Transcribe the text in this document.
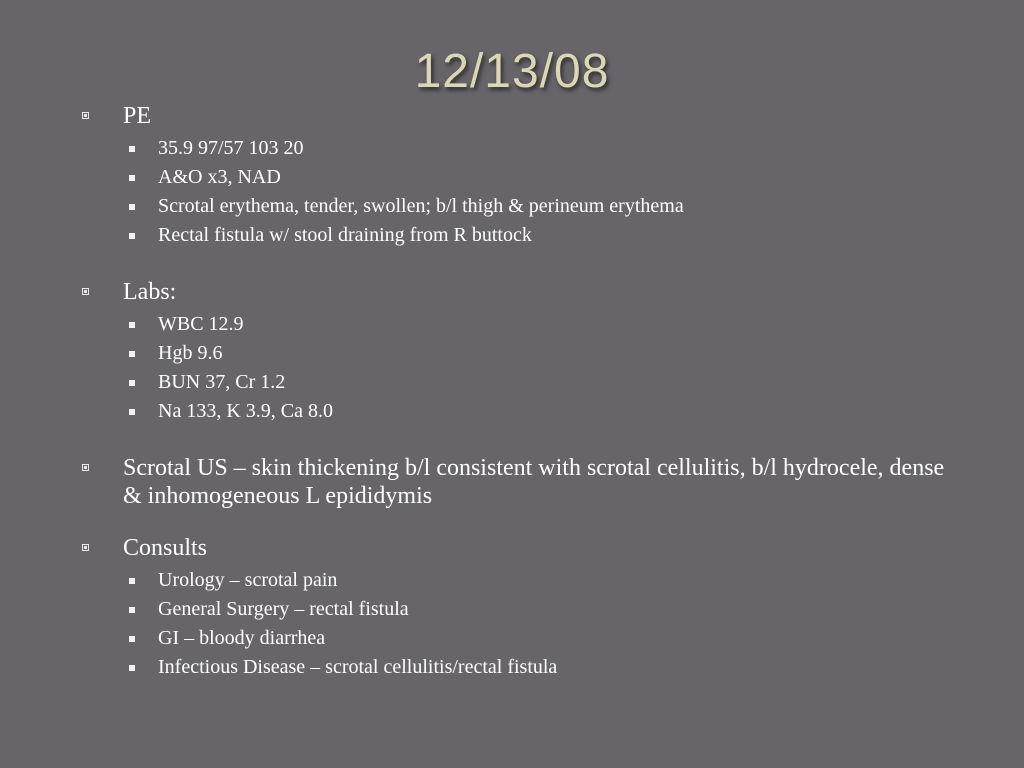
12/13/08
PE
35.9 97/57 103 20
A&O x3, NAD
Scrotal erythema, tender, swollen; b/l thigh & perineum erythema
Rectal fistula w/ stool draining from R buttock
Labs:
WBC 12.9
Hgb 9.6
BUN 37, Cr 1.2
Na 133, K 3.9, Ca 8.0
Scrotal US – skin thickening b/l consistent with scrotal cellulitis, b/l hydrocele, dense & inhomogeneous L epididymis
Consults
Urology – scrotal pain
General Surgery – rectal fistula
GI – bloody diarrhea
Infectious Disease – scrotal cellulitis/rectal fistula
